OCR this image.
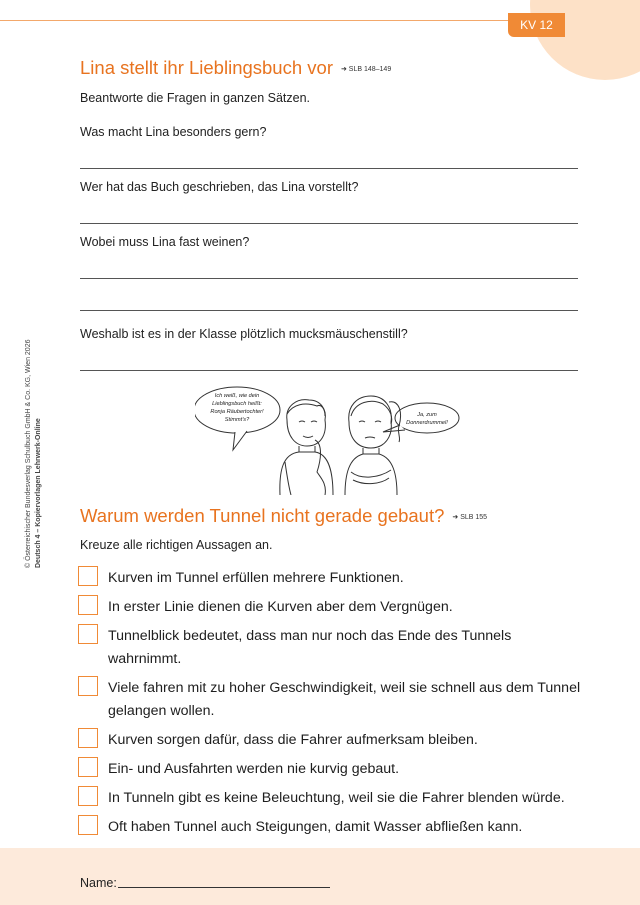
KV 12
© Österreichischer Bundesverlag Schulbuch GmbH & Co. KG, Wien 2026 Deutsch 4 – Kopiervorlagen Lehrwerk-Online
Lina stellt ihr Lieblingsbuch vor ➜ SLB 148–149

Beantworte die Fragen in ganzen Sätzen.

Was macht Lina besonders gern?

Wer hat das Buch geschrieben, das Lina vorstellt?

Wobei muss Lina fast weinen?

Weshalb ist es in der Klasse plötzlich mucksmäuschenstill?

Ich weiß, wie dein
Lieblingsbuch heißt:
Ronja Räubertochter!
Stimmt's?
Ja, zum
Donnerdrummel!
Warum werden Tunnel nicht gerade gebaut? ➜ SLB 155

Kreuze alle richtigen Aussagen an.

Kurven im Tunnel erfüllen mehrere Funktionen.
In erster Linie dienen die Kurven aber dem Vergnügen.
Tunnelblick bedeutet, dass man nur noch das Ende des Tunnels wahrnimmt.
Viele fahren mit zu hoher Geschwindigkeit, weil sie schnell aus dem Tunnel gelangen wollen.
Kurven sorgen dafür, dass die Fahrer aufmerksam bleiben.
Ein- und Ausfahrten werden nie kurvig gebaut.
In Tunneln gibt es keine Beleuchtung, weil sie die Fahrer blenden würde.
Oft haben Tunnel auch Steigungen, damit Wasser abfließen kann.
Name:
